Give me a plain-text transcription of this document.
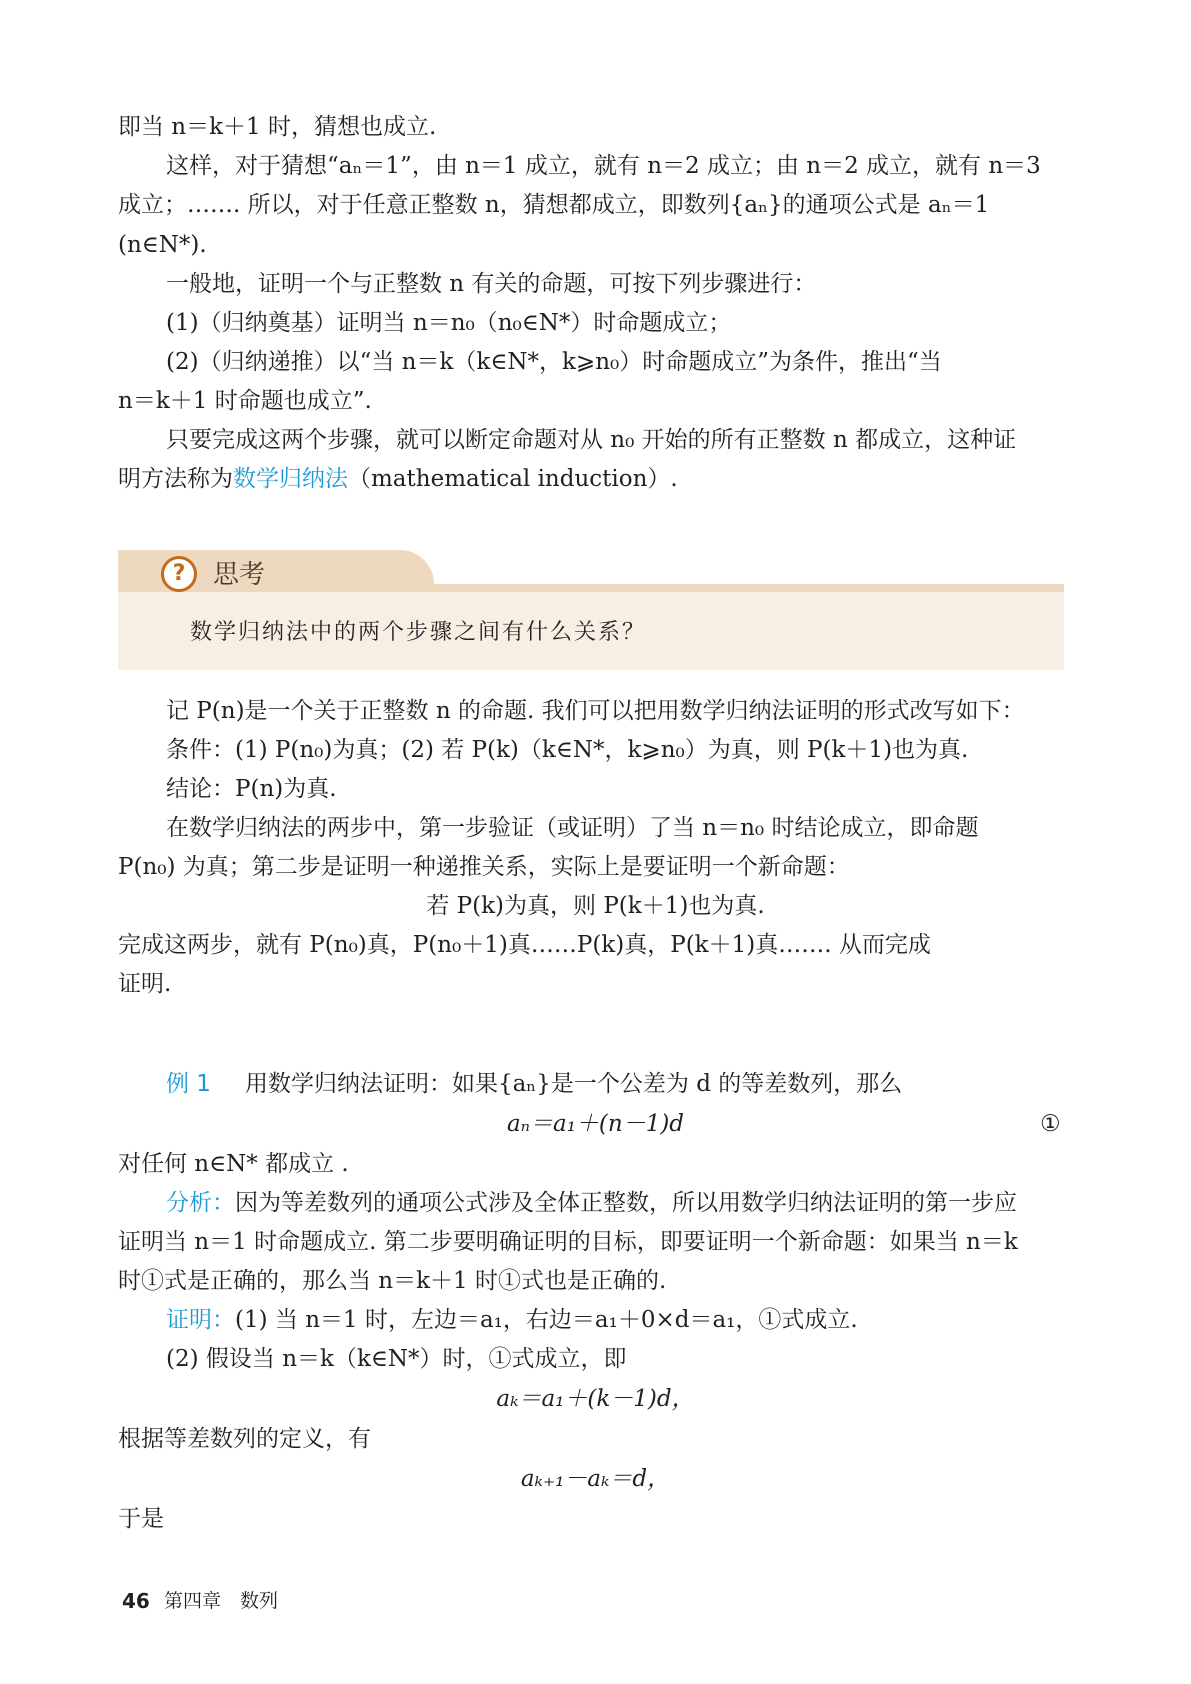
即当 n＝k＋1 时，猜想也成立.
这样，对于猜想“aₙ＝1”，由 n＝1 成立，就有 n＝2 成立；由 n＝2 成立，就有 n＝3
成立；……. 所以，对于任意正整数 n，猜想都成立，即数列{aₙ}的通项公式是 aₙ＝1
(n∈N*).
一般地，证明一个与正整数 n 有关的命题，可按下列步骤进行：
(1)（归纳奠基）证明当 n＝n₀（n₀∈N*）时命题成立；
(2)（归纳递推）以“当 n＝k（k∈N*，k⩾n₀）时命题成立”为条件，推出“当
n＝k＋1 时命题也成立”.
只要完成这两个步骤，就可以断定命题对从 n₀ 开始的所有正整数 n 都成立，这种证
明方法称为数学归纳法（mathematical induction）.
?	思考
数学归纳法中的两个步骤之间有什么关系？
记 P(n)是一个关于正整数 n 的命题. 我们可以把用数学归纳法证明的形式改写如下：
条件：(1) P(n₀)为真；(2) 若 P(k)（k∈N*，k⩾n₀）为真，则 P(k＋1)也为真.
结论：P(n)为真.
在数学归纳法的两步中，第一步验证（或证明）了当 n＝n₀ 时结论成立，即命题
P(n₀) 为真；第二步是证明一种递推关系，实际上是要证明一个新命题：
若 P(k)为真，则 P(k＋1)也为真.
完成这两步，就有 P(n₀)真，P(n₀＋1)真……P(k)真，P(k＋1)真……. 从而完成
证明.
例 1 用数学归纳法证明：如果{aₙ}是一个公差为 d 的等差数列，那么
aₙ＝a₁＋(n－1)d	①
对任何 n∈N* 都成立 .
分析：因为等差数列的通项公式涉及全体正整数，所以用数学归纳法证明的第一步应
证明当 n＝1 时命题成立. 第二步要明确证明的目标，即要证明一个新命题：如果当 n＝k
时①式是正确的，那么当 n＝k＋1 时①式也是正确的.
证明：(1) 当 n＝1 时，左边＝a₁，右边＝a₁＋0×d＝a₁，①式成立.
(2) 假设当 n＝k（k∈N*）时，①式成立，即
aₖ＝a₁＋(k－1)d，
根据等差数列的定义，有
aₖ₊₁－aₖ＝d，
于是
46 第四章　数列
